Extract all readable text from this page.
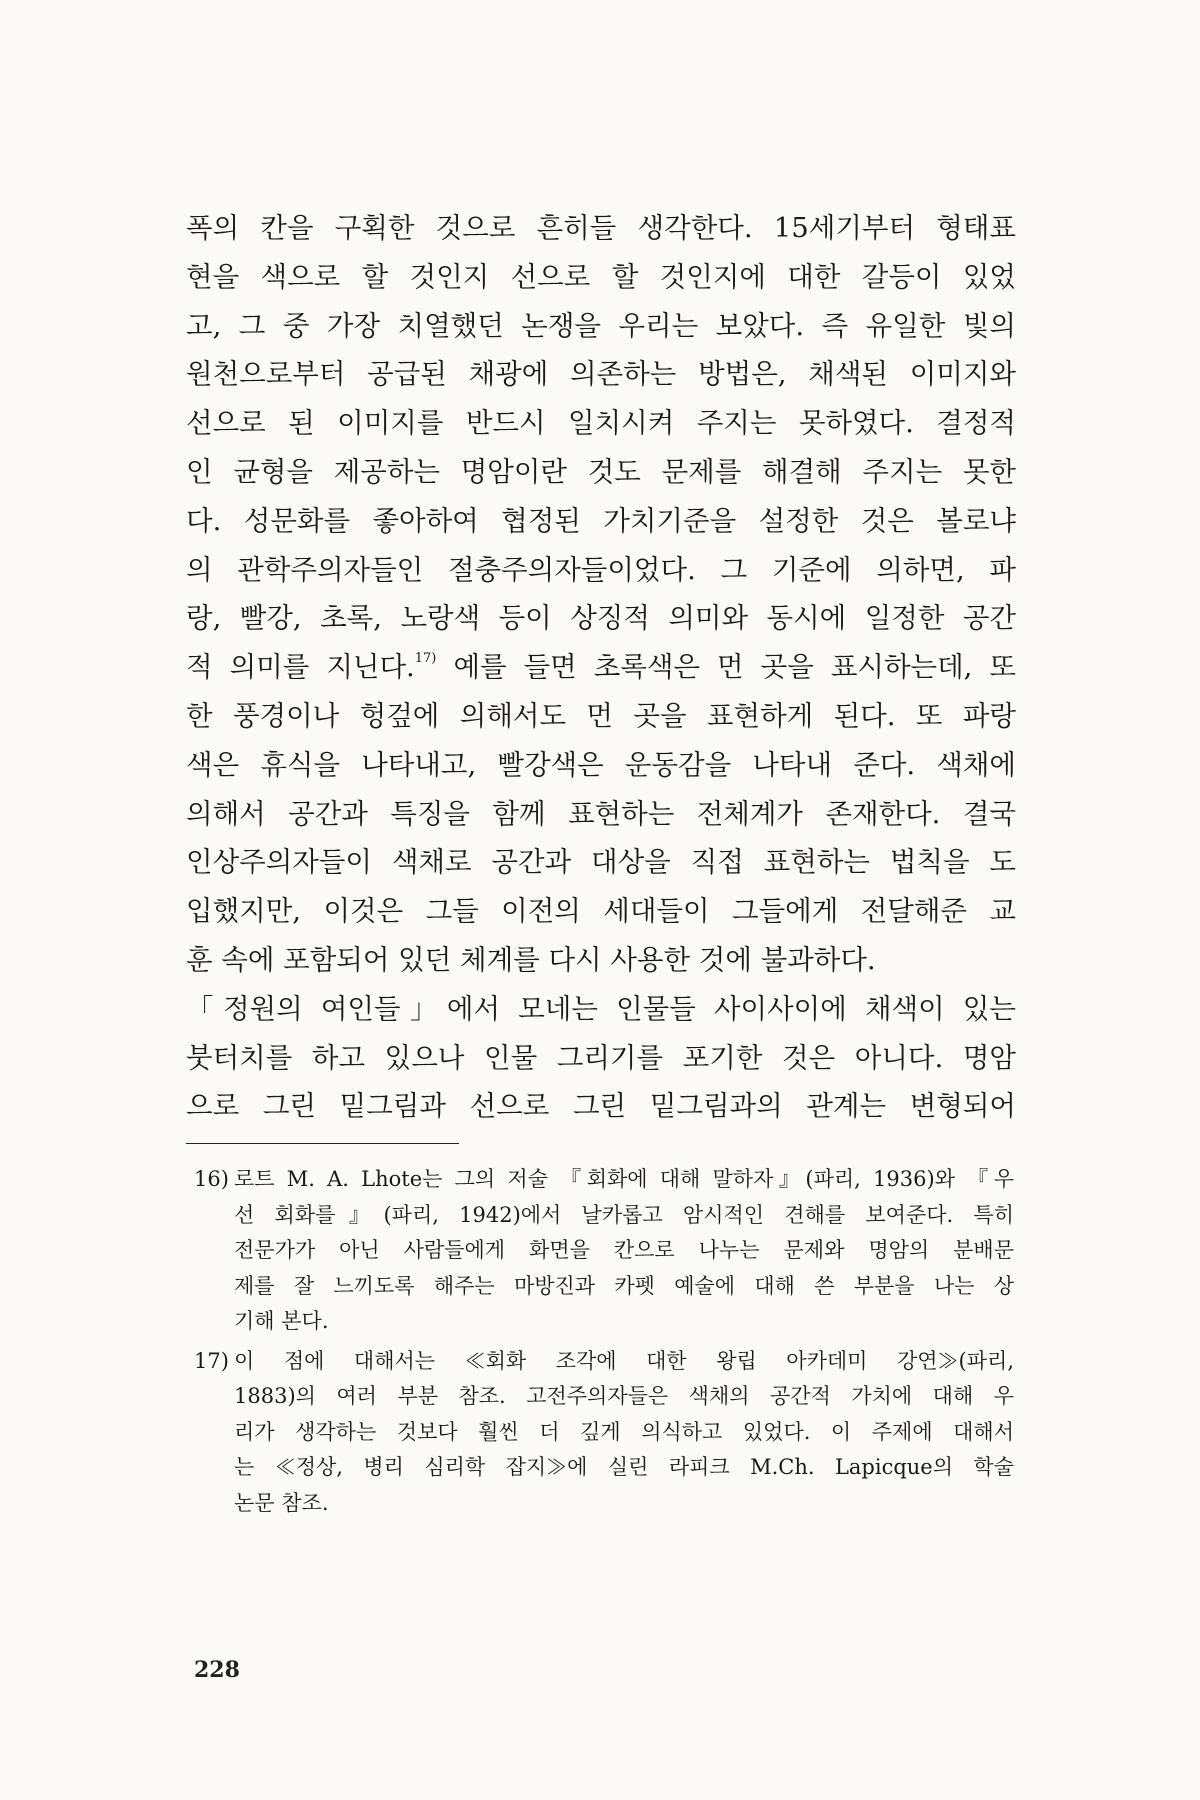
폭의 칸을 구획한 것으로 흔히들 생각한다. 15세기부터 형태표
현을 색으로 할 것인지 선으로 할 것인지에 대한 갈등이 있었
고, 그 중 가장 치열했던 논쟁을 우리는 보았다. 즉 유일한 빛의
원천으로부터 공급된 채광에 의존하는 방법은, 채색된 이미지와
선으로 된 이미지를 반드시 일치시켜 주지는 못하였다. 결정적
인 균형을 제공하는 명암이란 것도 문제를 해결해 주지는 못한
다. 성문화를 좋아하여 협정된 가치기준을 설정한 것은 볼로냐
의 관학주의자들인 절충주의자들이었다. 그 기준에 의하면, 파
랑, 빨강, 초록, 노랑색 등이 상징적 의미와 동시에 일정한 공간
적 의미를 지닌다.$^{17)}$ 예를 들면 초록색은 먼 곳을 표시하는데, 또
한 풍경이나 헝겊에 의해서도 먼 곳을 표현하게 된다. 또 파랑
색은 휴식을 나타내고, 빨강색은 운동감을 나타내 준다. 색채에
의해서 공간과 특징을 함께 표현하는 전체계가 존재한다. 결국
인상주의자들이 색채로 공간과 대상을 직접 표현하는 법칙을 도
입했지만, 이것은 그들 이전의 세대들이 그들에게 전달해준 교
훈 속에 포함되어 있던 체계를 다시 사용한 것에 불과하다.
「정원의 여인들」에서 모네는 인물들 사이사이에 채색이 있는
붓터치를 하고 있으나 인물 그리기를 포기한 것은 아니다. 명암
으로 그린 밑그림과 선으로 그린 밑그림과의 관계는 변형되어
16) 로트 M. A. Lhote는 그의 저술 『회화에 대해 말하자』(파리, 1936)와 『우
선 회화를』(파리, 1942)에서 날카롭고 암시적인 견해를 보여준다. 특히
전문가가 아닌 사람들에게 화면을 칸으로 나누는 문제와 명암의 분배문
제를 잘 느끼도록 해주는 마방진과 카펫 예술에 대해 쓴 부분을 나는 상
기해 본다.
17) 이 점에 대해서는 ≪회화 조각에 대한 왕립 아카데미 강연≫(파리,
1883)의 여러 부분 참조. 고전주의자들은 색채의 공간적 가치에 대해 우
리가 생각하는 것보다 훨씬 더 깊게 의식하고 있었다. 이 주제에 대해서
는 ≪정상, 병리 심리학 잡지≫에 실린 라피크 M.Ch. Lapicque의 학술
논문 참조.
228
